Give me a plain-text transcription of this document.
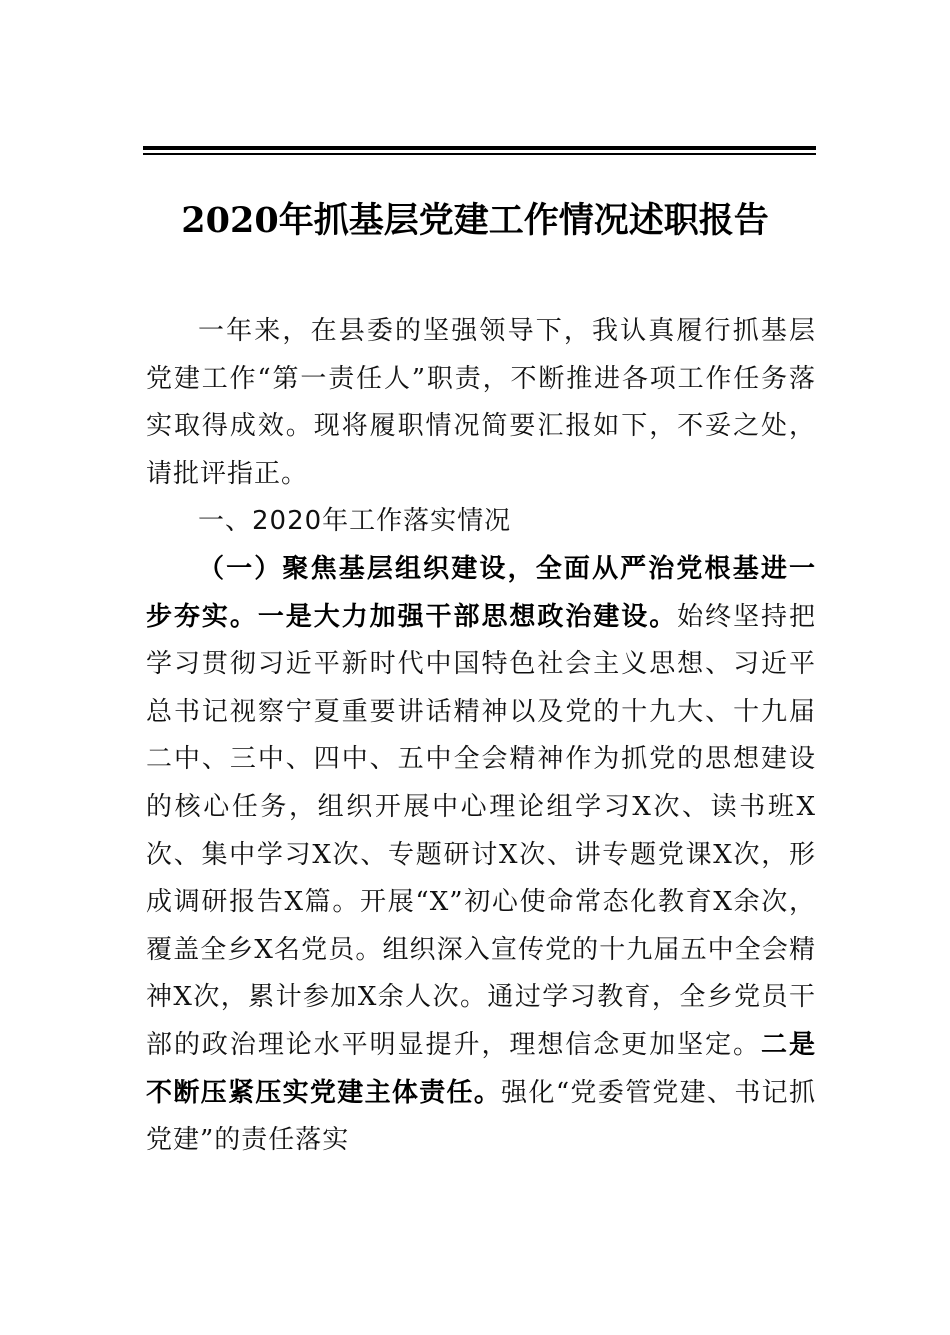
2020年抓基层党建工作情况述职报告

一年来，在县委的坚强领导下，我认真履行抓基层党建工作“第一责任人”职责，不断推进各项工作任务落实取得成效。现将履职情况简要汇报如下，不妥之处，请批评指正。

一、2020年工作落实情况

（一）聚焦基层组织建设，全面从严治党根基进一步夯实。一是大力加强干部思想政治建设。始终坚持把学习贯彻习近平新时代中国特色社会主义思想、习近平总书记视察宁夏重要讲话精神以及党的十九大、十九届二中、三中、四中、五中全会精神作为抓党的思想建设的核心任务，组织开展中心理论组学习X次、读书班X次、集中学习X次、专题研讨X次、讲专题党课X次，形成调研报告X篇。开展“X”初心使命常态化教育X余次，覆盖全乡X名党员。组织深入宣传党的十九届五中全会精神X次，累计参加X余人次。通过学习教育，全乡党员干部的政治理论水平明显提升，理想信念更加坚定。二是不断压紧压实党建主体责任。强化“党委管党建、书记抓党建”的责任落实
